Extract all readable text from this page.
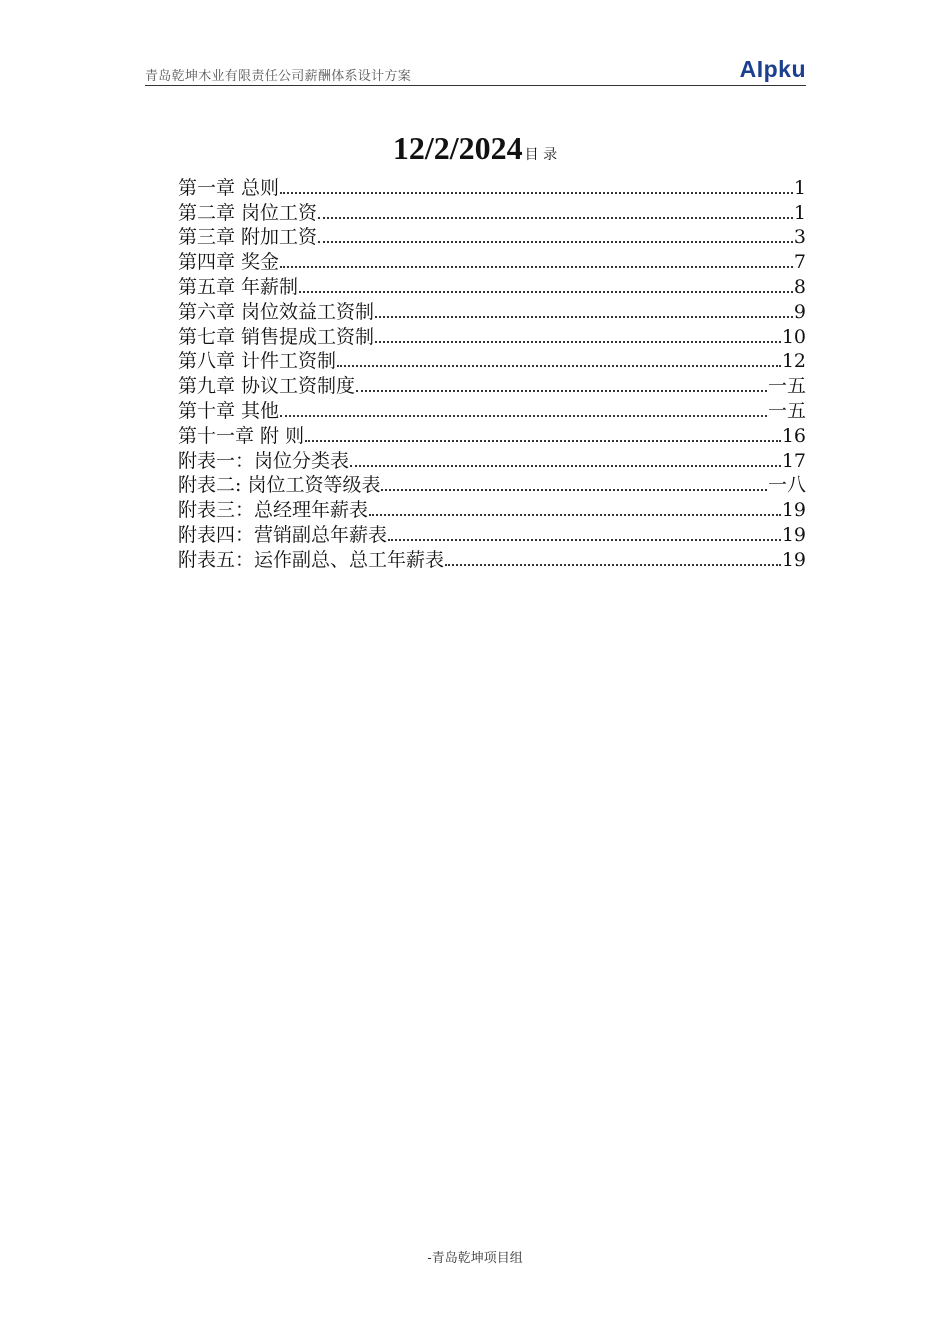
青岛乾坤木业有限责任公司薪酬体系设计方案	AIpku
12/2/2024 目 录
第一章 总则	1
第二章 岗位工资	1
第三章 附加工资	3
第四章 奖金	7
第五章 年薪制	8
第六章 岗位效益工资制	9
第七章 销售提成工资制	10
第八章 计件工资制	12
第九章 协议工资制度	一五
第十章 其他	一五
第十一章 附 则	16
附表一：岗位分类表	17
附表二: 岗位工资等级表	一八
附表三：总经理年薪表	19
附表四：营销副总年薪表	19
附表五：运作副总、总工年薪表	19
-青岛乾坤项目组
